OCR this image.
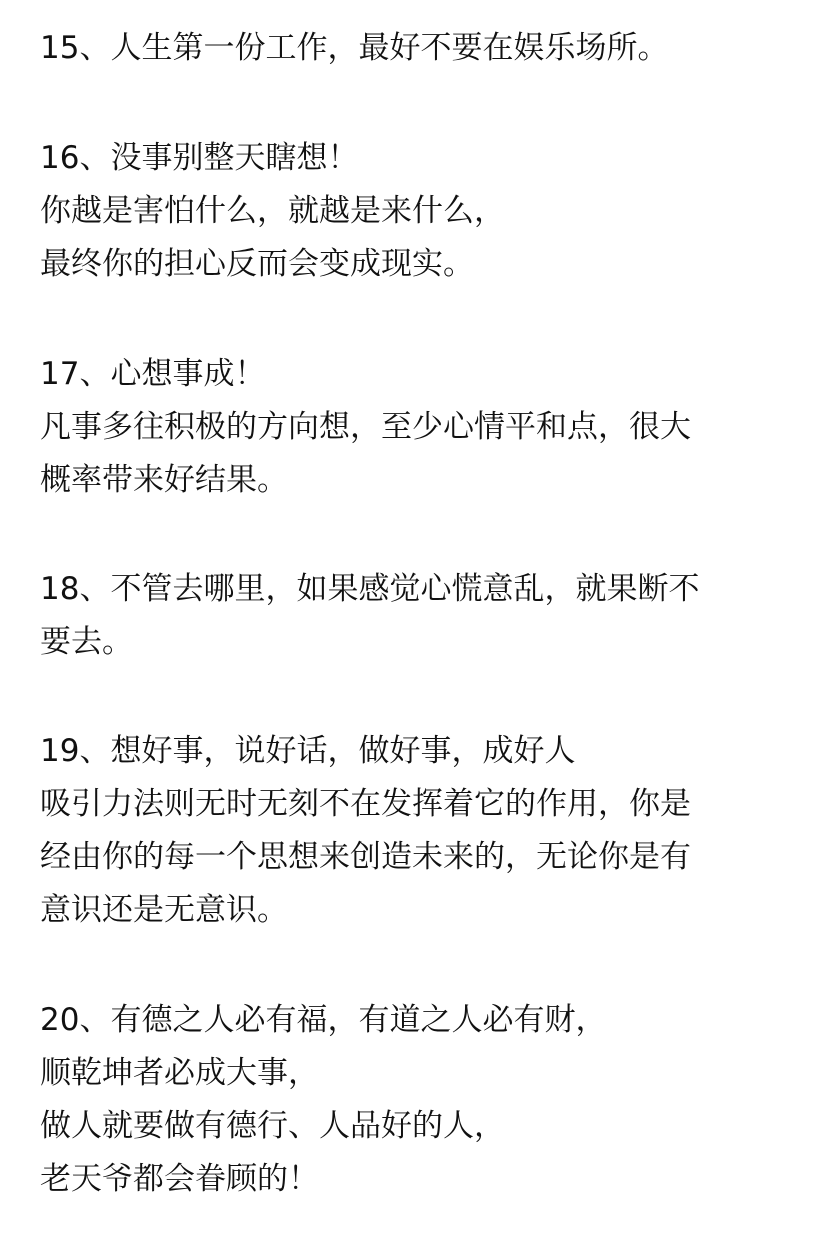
15、人生第一份工作，最好不要在娱乐场所。
16、没事别整天瞎想！
你越是害怕什么，就越是来什么，
最终你的担心反而会变成现实。
17、心想事成！
凡事多往积极的方向想，至少心情平和点，很大
概率带来好结果。
18、不管去哪里，如果感觉心慌意乱，就果断不
要去。
19、想好事，说好话，做好事，成好人
吸引力法则无时无刻不在发挥着它的作用，你是
经由你的每一个思想来创造未来的，无论你是有
意识还是无意识。
20、有德之人必有福，有道之人必有财，
顺乾坤者必成大事，
做人就要做有德行、人品好的人，
老天爷都会眷顾的！
